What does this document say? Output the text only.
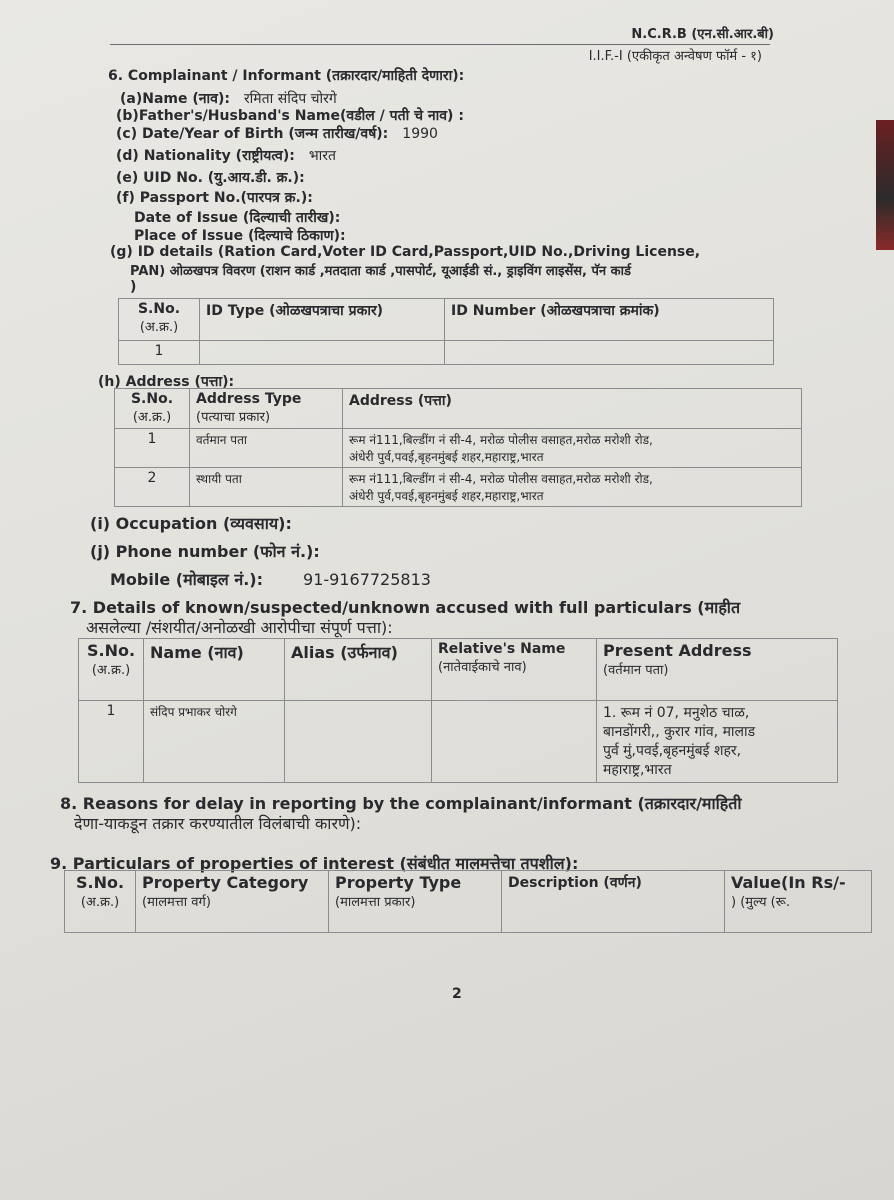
N.C.R.B (एन.सी.आर.बी)
I.I.F.-I (एकीकृत अन्वेषण फॉर्म - १)
6. Complainant / Informant (तक्रारदार/माहिती देणारा):
(a)Name (नाव): रमिता संदिप चोरगे
(b)Father's/Husband's Name(वडील / पती चे नाव) :
(c) Date/Year of Birth (जन्म तारीख/वर्ष): 1990
(d) Nationality (राष्ट्रीयत्व): भारत
(e) UID No. (यु.आय.डी. क्र.):
(f) Passport No.(पारपत्र क्र.):
Date of Issue (दिल्याची तारीख):
Place of Issue (दिल्याचे ठिकाण):
(g) ID details (Ration Card,Voter ID Card,Passport,UID No.,Driving License,
PAN) ओळखपत्र विवरण (राशन कार्ड ,मतदाता कार्ड ,पासपोर्ट, यूआईडी सं., ड्राइविंग लाइसेंस, पॅन कार्ड
)
S.No.
(अ.क्र.)	ID Type (ओळखपत्राचा प्रकार)	ID Number (ओळखपत्राचा क्रमांक)
1		
(h) Address (पत्ता):
S.No.
(अ.क्र.)	Address Type
(पत्याचा प्रकार)	Address (पत्ता)
1	वर्तमान पता	रूम नं111,बिल्डींग नं सी-4, मरोळ पोलीस वसाहत,मरोळ मरोशी रोड,
अंधेरी पुर्व,पवई,बृहनमुंबई शहर,महाराष्ट्र,भारत
2	स्थायी पता	रूम नं111,बिल्डींग नं सी-4, मरोळ पोलीस वसाहत,मरोळ मरोशी रोड,
अंधेरी पुर्व,पवई,बृहनमुंबई शहर,महाराष्ट्र,भारत
(i) Occupation (व्यवसाय):
(j) Phone number (फोन नं.):
Mobile (मोबाइल नं.):	91-9167725813
7. Details of known/suspected/unknown accused with full particulars (माहीत
असलेल्या /संशयीत/अनोळखी आरोपीचा संपूर्ण पत्ता):
S.No.
(अ.क्र.)	Name (नाव)	Alias (उर्फनाव)	Relative's Name
(नातेवाईकाचे नाव)	Present Address
(वर्तमान पता)

1	संदिप प्रभाकर चोरगे			1. रूम नं 07, मनुशेठ चाळ,
बानडोंगरी,, कुरार गांव, मालाड
पुर्व मुं,पवई,बृहनमुंबई शहर,
महाराष्ट्र,भारत
8. Reasons for delay in reporting by the complainant/informant (तक्रारदार/माहिती
देणा-याकडून तक्रार करण्यातील विलंबाची कारणे):
9. Particulars of properties of interest (संबंधीत मालमत्तेचा तपशील):
S.No.
(अ.क्र.)
	Property Category
(मालमत्ता वर्ग)
	Property Type
(मालमत्ता प्रकार)
	Description (वर्णन)	Value(In Rs/-
) (मुल्य (रू.
2
